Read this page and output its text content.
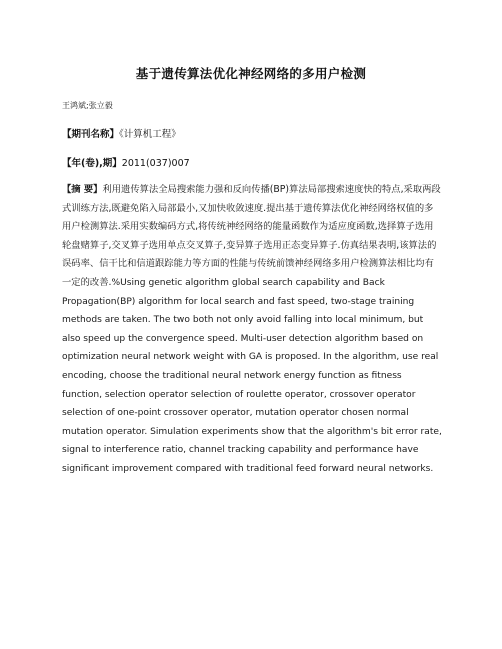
基于遗传算法优化神经网络的多用户检测
王鸿斌;张立毅
【期刊名称】《计算机工程》
【年(卷),期】2011(037)007
【摘 要】利用遗传算法全局搜索能力强和反向传播(BP)算法局部搜索速度快的特点,采取两段式训练方法,既避免陷入局部最小,又加快收敛速度.提出基于遗传算法优化神经网络权值的多用户检测算法.采用实数编码方式,将传统神经网络的能量函数作为适应度函数,选择算子选用轮盘赌算子,交叉算子选用单点交叉算子,变异算子选用正态变异算子.仿真结果表明,该算法的误码率、信干比和信道跟踪能力等方面的性能与传统前馈神经网络多用户检测算法相比均有一定的改善.%Using genetic algorithm global search capability and Back Propagation(BP) algorithm for local search and fast speed, two-stage training methods are taken. The two both not only avoid falling into local minimum, but also speed up the convergence speed. Multi-user detection algorithm based on optimization neural network weight with GA is proposed. In the algorithm, use real encoding, choose the traditional neural network energy function as fitness function, selection operator selection of roulette operator, crossover operator selection of one-point crossover operator, mutation operator chosen normal mutation operator. Simulation experiments show that the algorithm's bit error rate, signal to interference ratio, channel tracking capability and performance have significant improvement compared with traditional feed forward neural networks.
